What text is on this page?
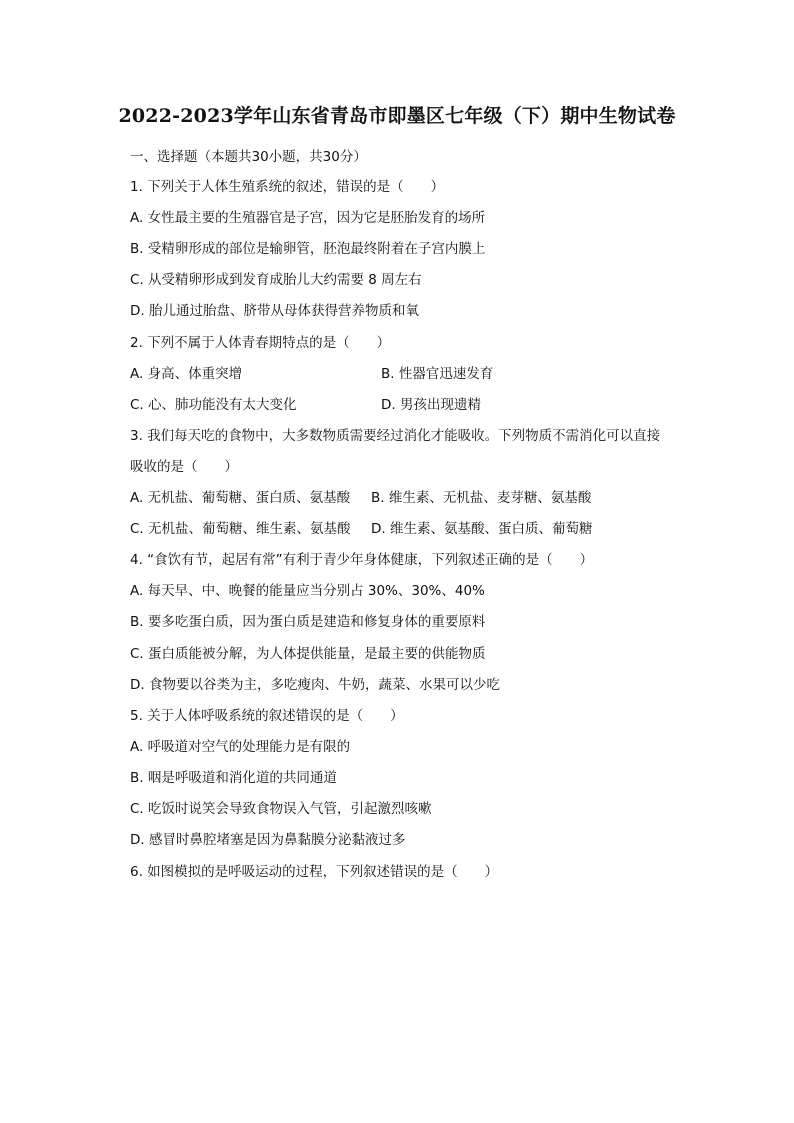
2022-2023学年山东省青岛市即墨区七年级（下）期中生物试卷
一、选择题（本题共30小题，共30分）
1. 下列关于人体生殖系统的叙述，错误的是（　　）
A. 女性最主要的生殖器官是子宫，因为它是胚胎发育的场所
B. 受精卵形成的部位是输卵管，胚泡最终附着在子宫内膜上
C. 从受精卵形成到发育成胎儿大约需要 8 周左右
D. 胎儿通过胎盘、脐带从母体获得营养物质和氧
2. 下列不属于人体青春期特点的是（　　）
A. 身高、体重突增	B. 性器官迅速发育
C. 心、肺功能没有太大变化	D. 男孩出现遗精
3. 我们每天吃的食物中，大多数物质需要经过消化才能吸收。下列物质不需消化可以直接
吸收的是（　　）
A. 无机盐、葡萄糖、蛋白质、氨基酸 B. 维生素、无机盐、麦芽糖、氨基酸
C. 无机盐、葡萄糖、维生素、氨基酸 D. 维生素、氨基酸、蛋白质、葡萄糖
4. “食饮有节，起居有常”有利于青少年身体健康，下列叙述正确的是（　　）
A. 每天早、中、晚餐的能量应当分别占 30%、30%、40%
B. 要多吃蛋白质，因为蛋白质是建造和修复身体的重要原料
C. 蛋白质能被分解，为人体提供能量，是最主要的供能物质
D. 食物要以谷类为主，多吃瘦肉、牛奶，蔬菜、水果可以少吃
5. 关于人体呼吸系统的叙述错误的是（　　）
A. 呼吸道对空气的处理能力是有限的
B. 咽是呼吸道和消化道的共同通道
C. 吃饭时说笑会导致食物误入气管，引起激烈咳嗽
D. 感冒时鼻腔堵塞是因为鼻黏膜分泌黏液过多
6. 如图模拟的是呼吸运动的过程，下列叙述错误的是（　　）
